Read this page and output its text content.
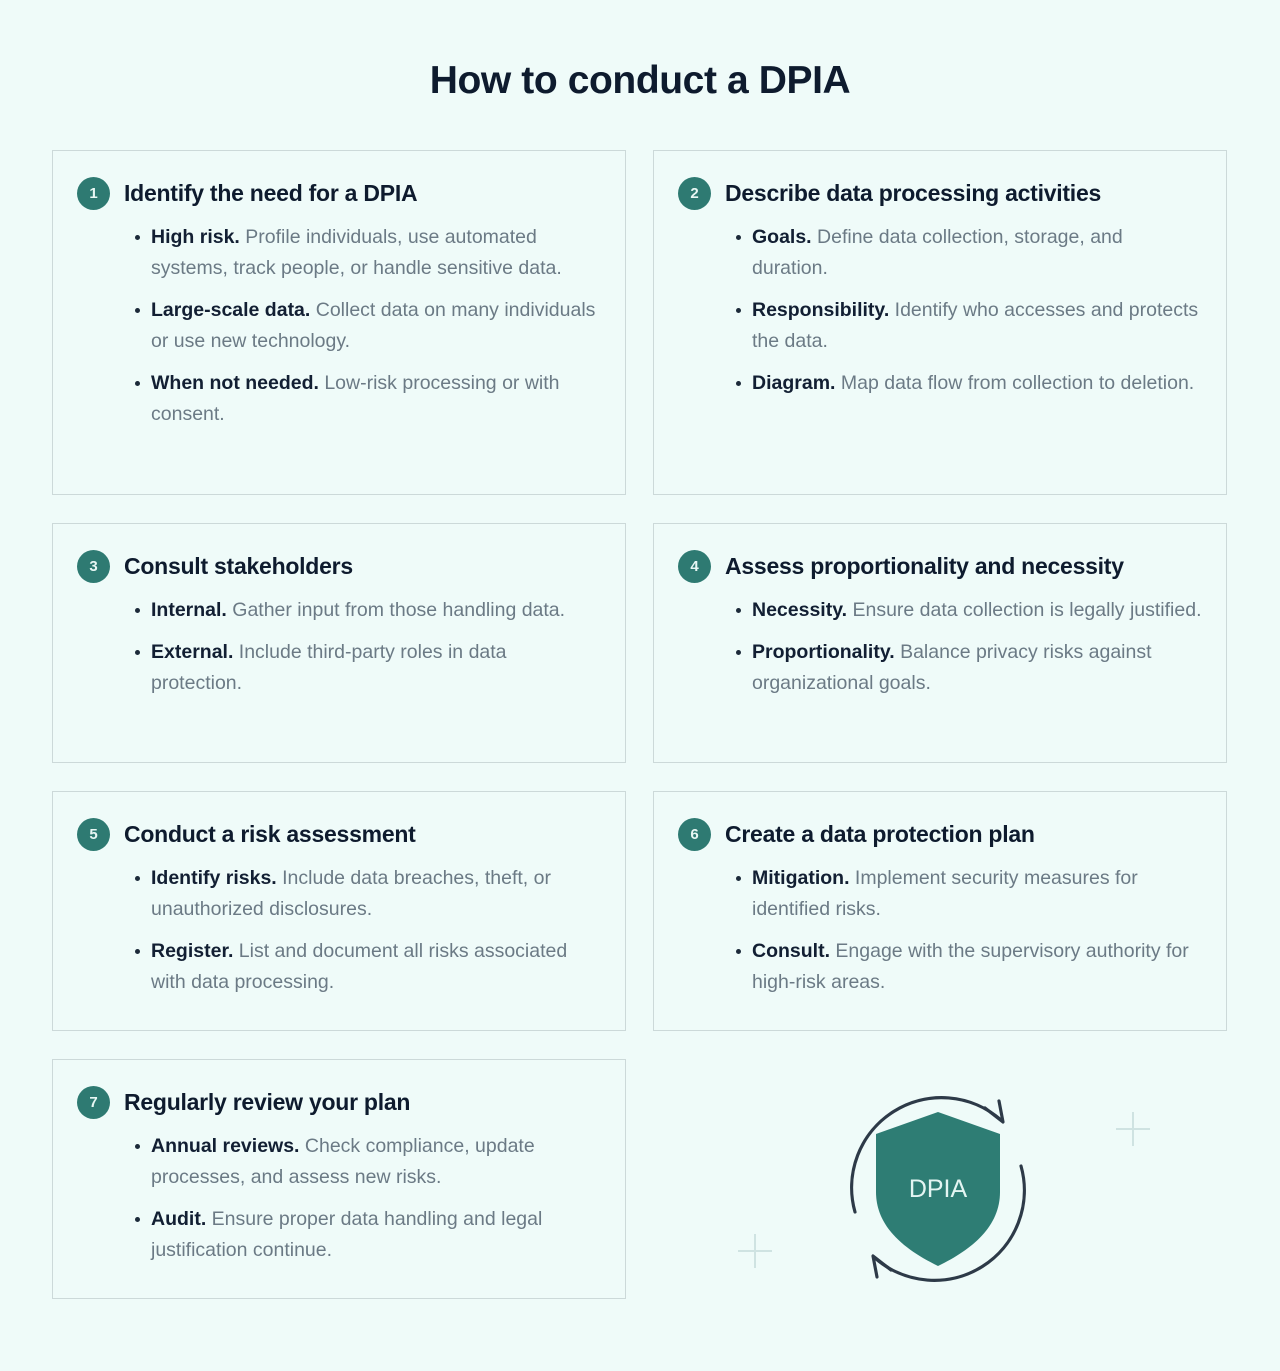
How to conduct a DPIA
1	Identify the need for a DPIA
High risk. Profile individuals, use automated systems, track people, or handle sensitive data.
Large-scale data. Collect data on many individuals or use new technology.
When not needed. Low-risk processing or with consent.
2	Describe data processing activities
Goals. Define data collection, storage, and duration.
Responsibility. Identify who accesses and protects the data.
Diagram. Map data flow from collection to deletion.
3	Consult stakeholders
Internal. Gather input from those handling data.
External. Include third-party roles in data protection.
4	Assess proportionality and necessity
Necessity. Ensure data collection is legally justified.
Proportionality. Balance privacy risks against organizational goals.
5	Conduct a risk assessment
Identify risks. Include data breaches, theft, or unauthorized disclosures.
Register. List and document all risks associated with data processing.
6	Create a data protection plan
Mitigation. Implement security measures for identified risks.
Consult. Engage with the supervisory authority for high-risk areas.
7	Regularly review your plan
Annual reviews. Check compliance, update processes, and assess new risks.
Audit. Ensure proper data handling and legal justification continue.
DPIA
